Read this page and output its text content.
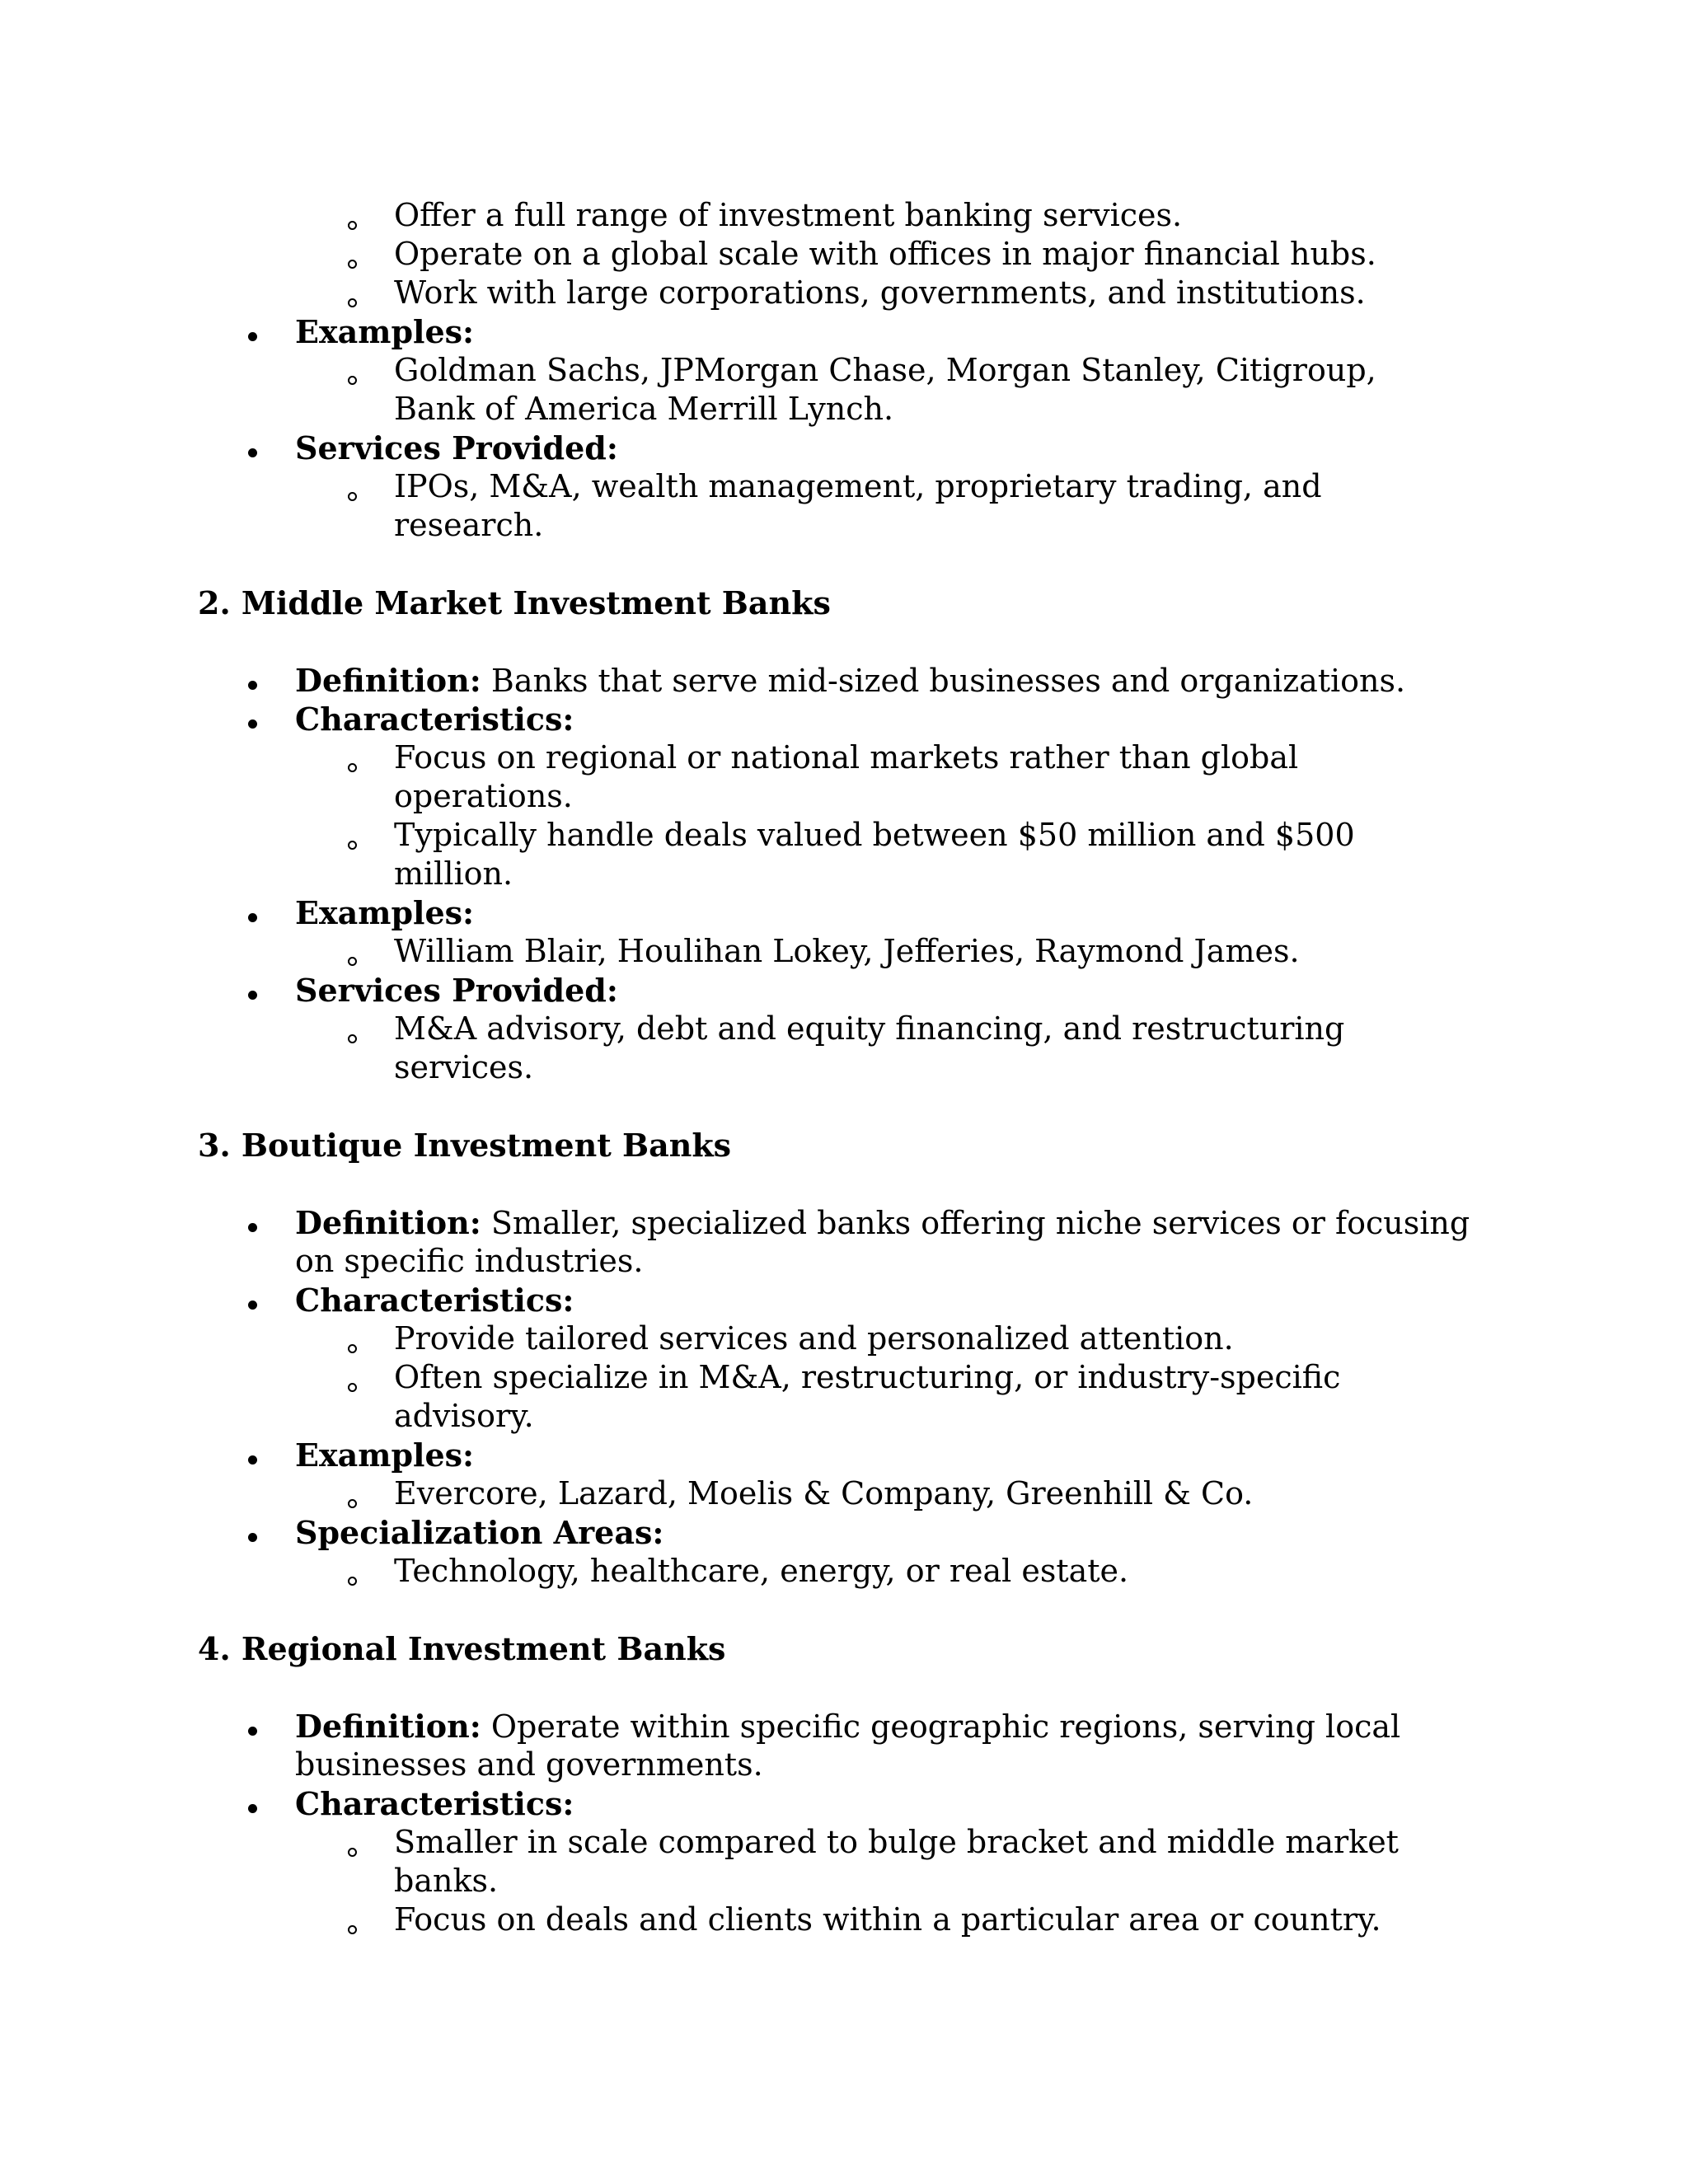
Offer a full range of investment banking services.
Operate on a global scale with offices in major financial hubs.
Work with large corporations, governments, and institutions.
Examples:
Goldman Sachs, JPMorgan Chase, Morgan Stanley, Citigroup,
Bank of America Merrill Lynch.
Services Provided:
IPOs, M&A, wealth management, proprietary trading, and
research.
2. Middle Market Investment Banks
Definition: Banks that serve mid-sized businesses and organizations.
Characteristics:
Focus on regional or national markets rather than global
operations.
Typically handle deals valued between $50 million and $500
million.
Examples:
William Blair, Houlihan Lokey, Jefferies, Raymond James.
Services Provided:
M&A advisory, debt and equity financing, and restructuring
services.
3. Boutique Investment Banks
Definition: Smaller, specialized banks offering niche services or focusing
on specific industries.
Characteristics:
Provide tailored services and personalized attention.
Often specialize in M&A, restructuring, or industry-specific
advisory.
Examples:
Evercore, Lazard, Moelis & Company, Greenhill & Co.
Specialization Areas:
Technology, healthcare, energy, or real estate.
4. Regional Investment Banks
Definition: Operate within specific geographic regions, serving local
businesses and governments.
Characteristics:
Smaller in scale compared to bulge bracket and middle market
banks.
Focus on deals and clients within a particular area or country.
